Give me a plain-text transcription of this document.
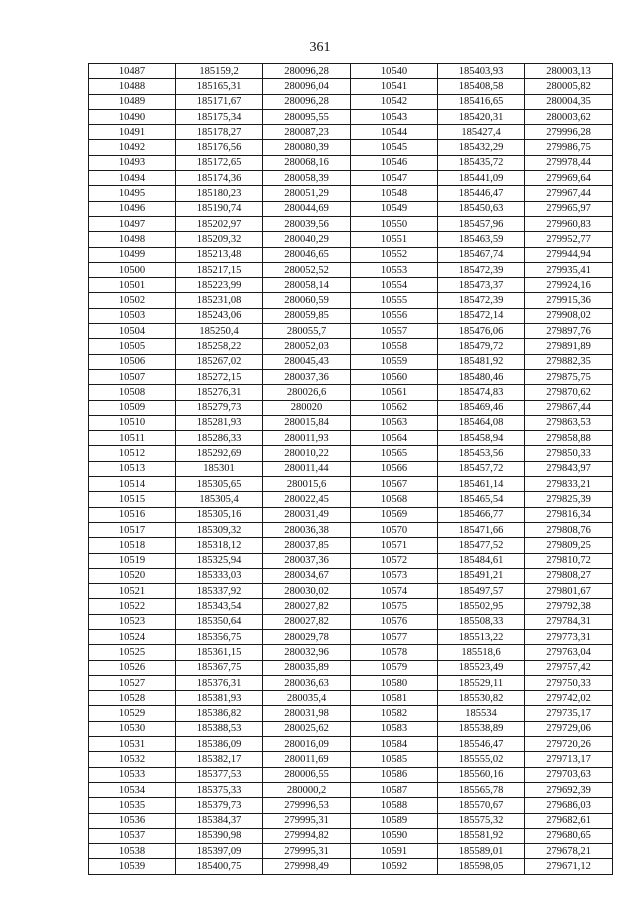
361
10487	185159,2	280096,28	10540	185403,93	280003,13
10488	185165,31	280096,04	10541	185408,58	280005,82
10489	185171,67	280096,28	10542	185416,65	280004,35
10490	185175,34	280095,55	10543	185420,31	280003,62
10491	185178,27	280087,23	10544	185427,4	279996,28
10492	185176,56	280080,39	10545	185432,29	279986,75
10493	185172,65	280068,16	10546	185435,72	279978,44
10494	185174,36	280058,39	10547	185441,09	279969,64
10495	185180,23	280051,29	10548	185446,47	279967,44
10496	185190,74	280044,69	10549	185450,63	279965,97
10497	185202,97	280039,56	10550	185457,96	279960,83
10498	185209,32	280040,29	10551	185463,59	279952,77
10499	185213,48	280046,65	10552	185467,74	279944,94
10500	185217,15	280052,52	10553	185472,39	279935,41
10501	185223,99	280058,14	10554	185473,37	279924,16
10502	185231,08	280060,59	10555	185472,39	279915,36
10503	185243,06	280059,85	10556	185472,14	279908,02
10504	185250,4	280055,7	10557	185476,06	279897,76
10505	185258,22	280052,03	10558	185479,72	279891,89
10506	185267,02	280045,43	10559	185481,92	279882,35
10507	185272,15	280037,36	10560	185480,46	279875,75
10508	185276,31	280026,6	10561	185474,83	279870,62
10509	185279,73	280020	10562	185469,46	279867,44
10510	185281,93	280015,84	10563	185464,08	279863,53
10511	185286,33	280011,93	10564	185458,94	279858,88
10512	185292,69	280010,22	10565	185453,56	279850,33
10513	185301	280011,44	10566	185457,72	279843,97
10514	185305,65	280015,6	10567	185461,14	279833,21
10515	185305,4	280022,45	10568	185465,54	279825,39
10516	185305,16	280031,49	10569	185466,77	279816,34
10517	185309,32	280036,38	10570	185471,66	279808,76
10518	185318,12	280037,85	10571	185477,52	279809,25
10519	185325,94	280037,36	10572	185484,61	279810,72
10520	185333,03	280034,67	10573	185491,21	279808,27
10521	185337,92	280030,02	10574	185497,57	279801,67
10522	185343,54	280027,82	10575	185502,95	279792,38
10523	185350,64	280027,82	10576	185508,33	279784,31
10524	185356,75	280029,78	10577	185513,22	279773,31
10525	185361,15	280032,96	10578	185518,6	279763,04
10526	185367,75	280035,89	10579	185523,49	279757,42
10527	185376,31	280036,63	10580	185529,11	279750,33
10528	185381,93	280035,4	10581	185530,82	279742,02
10529	185386,82	280031,98	10582	185534	279735,17
10530	185388,53	280025,62	10583	185538,89	279729,06
10531	185386,09	280016,09	10584	185546,47	279720,26
10532	185382,17	280011,69	10585	185555,02	279713,17
10533	185377,53	280006,55	10586	185560,16	279703,63
10534	185375,33	280000,2	10587	185565,78	279692,39
10535	185379,73	279996,53	10588	185570,67	279686,03
10536	185384,37	279995,31	10589	185575,32	279682,61
10537	185390,98	279994,82	10590	185581,92	279680,65
10538	185397,09	279995,31	10591	185589,01	279678,21
10539	185400,75	279998,49	10592	185598,05	279671,12
